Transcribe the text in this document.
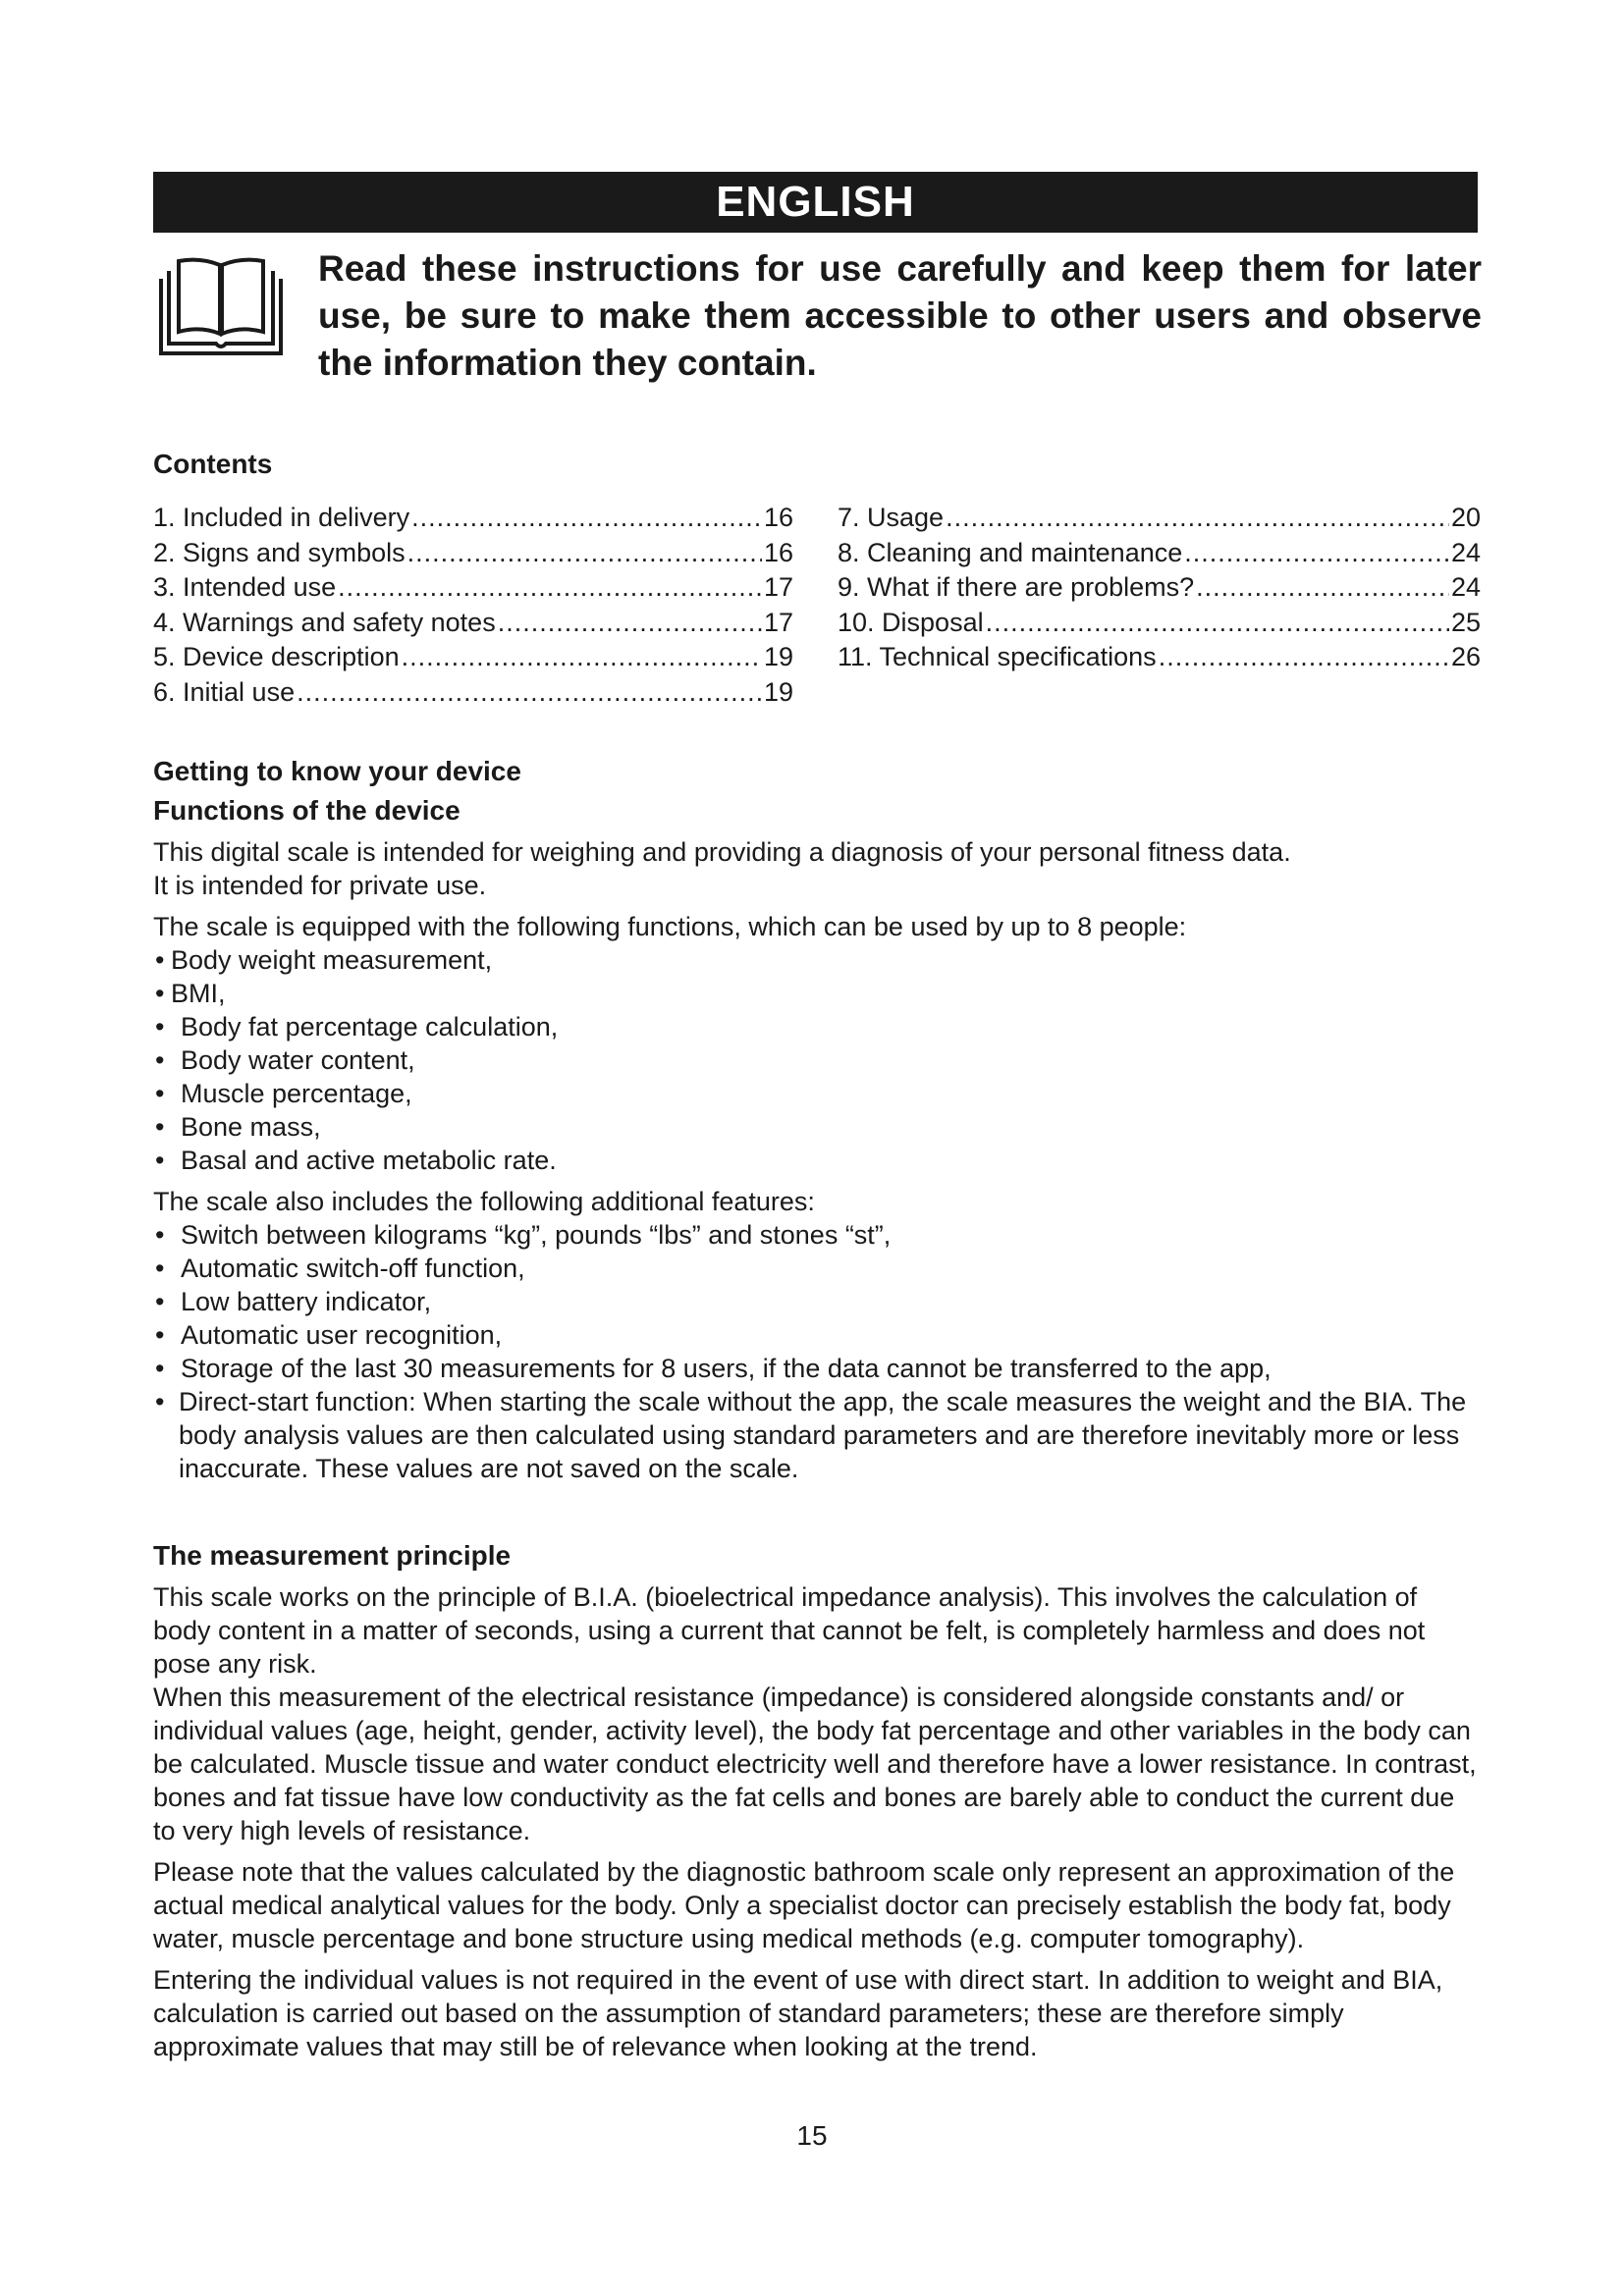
ENGLISH
Read these instructions for use carefully and keep them for later use, be sure to make them accessible to other users and observe the information they contain.
Contents
1. Included in delivery .....	16
2. Signs and symbols .....	16
3. Intended use .....	17
4. Warnings and safety notes .....	17
5. Device description .....	19
6. Initial use .....	19
7. Usage .....	20
8. Cleaning and maintenance .....	24
9. What if there are problems? .....	24
10. Disposal .....	25
11. Technical specifications .....	26
Getting to know your device
Functions of the device

This digital scale is intended for weighing and providing a diagnosis of your personal fitness data.

It is intended for private use.

The scale is equipped with the following functions, which can be used by up to 8 people:

• Body weight measurement,
• BMI,
• Body fat percentage calculation,
• Body water content,
• Muscle percentage,
• Bone mass,
• Basal and active metabolic rate.

The scale also includes the following additional features:

• Switch between kilograms “kg”, pounds “lbs” and stones “st”,
• Automatic switch-off function,
• Low battery indicator,
• Automatic user recognition,
• Storage of the last 30 measurements for 8 users, if the data cannot be transferred to the app,
• Direct-start function: When starting the scale without the app, the scale measures the weight and the BIA. The body analysis values are then calculated using standard parameters and are therefore inevitably more or less inaccurate. These values are not saved on the scale.
The measurement principle

This scale works on the principle of B.I.A. (bioelectrical impedance analysis). This involves the calculation of body content in a matter of seconds, using a current that cannot be felt, is completely harmless and does not pose any risk.

When this measurement of the electrical resistance (impedance) is considered alongside constants and/ or individual values (age, height, gender, activity level), the body fat percentage and other variables in the body can be calculated. Muscle tissue and water conduct electricity well and therefore have a lower resistance. In contrast, bones and fat tissue have low conductivity as the fat cells and bones are barely able to conduct the current due to very high levels of resistance.

Please note that the values calculated by the diagnostic bathroom scale only represent an approximation of the actual medical analytical values for the body. Only a specialist doctor can precisely establish the body fat, body water, muscle percentage and bone structure using medical methods (e.g. computer tomography).

Entering the individual values is not required in the event of use with direct start. In addition to weight and BIA, calculation is carried out based on the assumption of standard parameters; these are therefore simply approximate values that may still be of relevance when looking at the trend.

15
